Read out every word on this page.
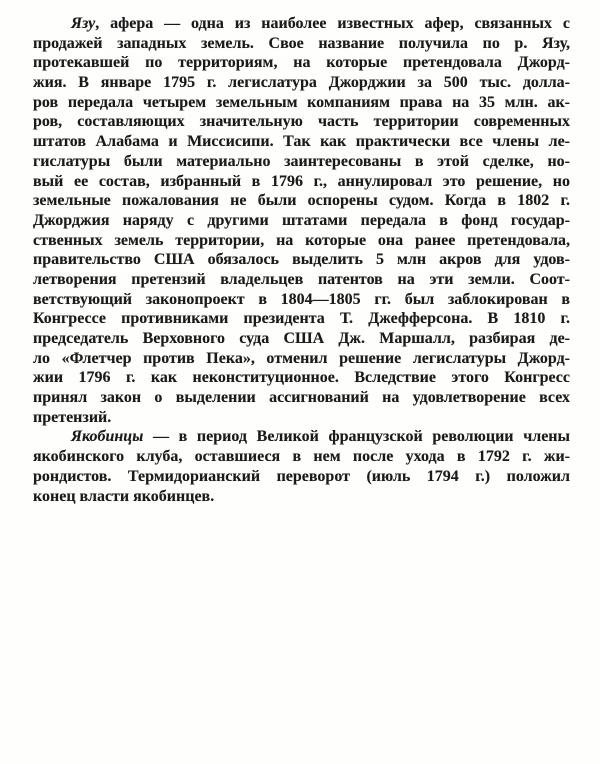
Язу, афера — одна из наиболее известных афер, связанных с
продажей западных земель. Свое название получила по р. Язу,
протекавшей по территориям, на которые претендовала Джорд-
жия. В январе 1795 г. легислатура Джорджии за 500 тыс. долла-
ров передала четырем земельным компаниям права на 35 млн. ак-
ров, составляющих значительную часть территории современных
штатов Алабама и Миссисипи. Так как практически все члены ле-
гислатуры были материально заинтересованы в этой сделке, но-
вый ее состав, избранный в 1796 г., аннулировал это решение, но
земельные пожалования не были оспорены судом. Когда в 1802 г.
Джорджия наряду с другими штатами передала в фонд государ-
ственных земель территории, на которые она ранее претендовала,
правительство США обязалось выделить 5 млн акров для удов-
летворения претензий владельцев патентов на эти земли. Соот-
ветствующий законопроект в 1804—1805 гг. был заблокирован в
Конгрессе противниками президента Т. Джефферсона. В 1810 г.
председатель Верховного суда США Дж. Маршалл, разбирая де-
ло «Флетчер против Пека», отменил решение легислатуры Джорд-
жии 1796 г. как неконституционное. Вследствие этого Конгресс
принял закон о выделении ассигнований на удовлетворение всех
претензий.
Якобинцы — в период Великой французской революции члены
якобинского клуба, оставшиеся в нем после ухода в 1792 г. жи-
рондистов. Термидорианский переворот (июль 1794 г.) положил
конец власти якобинцев.
